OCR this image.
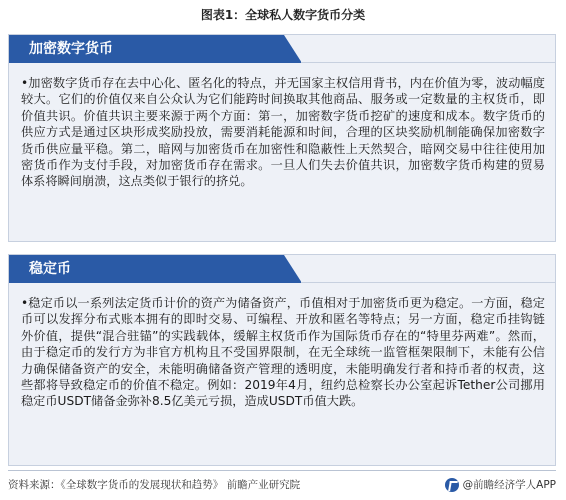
图表1：全球私人数字货币分类
加密数字货币
•加密数字货币存在去中心化、匿名化的特点，并无国家主权信用背书，内在价值为零，波动幅度较大。它们的价值仅来自公众认为它们能跨时间换取其他商品、服务或一定数量的主权货币，即价值共识。价值共识主要来源于两个方面：第一，加密数字货币挖矿的速度和成本。数字货币的供应方式是通过区块形成奖励投放，需要消耗能源和时间，合理的区块奖励机制能确保加密数字货币供应量平稳。第二，暗网与加密货币在加密性和隐蔽性上天然契合，暗网交易中往往使用加密货币作为支付手段，对加密货币存在需求。一旦人们失去价值共识，加密数字货币构建的贸易体系将瞬间崩溃，这点类似于银行的挤兑。
稳定币
•稳定币以一系列法定货币计价的资产为储备资产，币值相对于加密货币更为稳定。一方面，稳定币可以发挥分布式账本拥有的即时交易、可编程、开放和匿名等特点；另一方面，稳定币挂钩链外价值，提供“混合驻锚”的实践载体，缓解主权货币作为国际货币存在的“特里芬两难”。然而，由于稳定币的发行方为非官方机构且不受国界限制，在无全球统一监管框架限制下，未能有公信力确保储备资产的安全，未能明确储备资产管理的透明度，未能明确发行者和持币者的权责，这些都将导致稳定币的价值不稳定。例如：2019年4月，纽约总检察长办公室起诉Tether公司挪用稳定币USDT储备金弥补8.5亿美元亏损，造成USDT币值大跌。
资料来源：《全球数字货币的发展现状和趋势》 前瞻产业研究院	@前瞻经济学人APP
